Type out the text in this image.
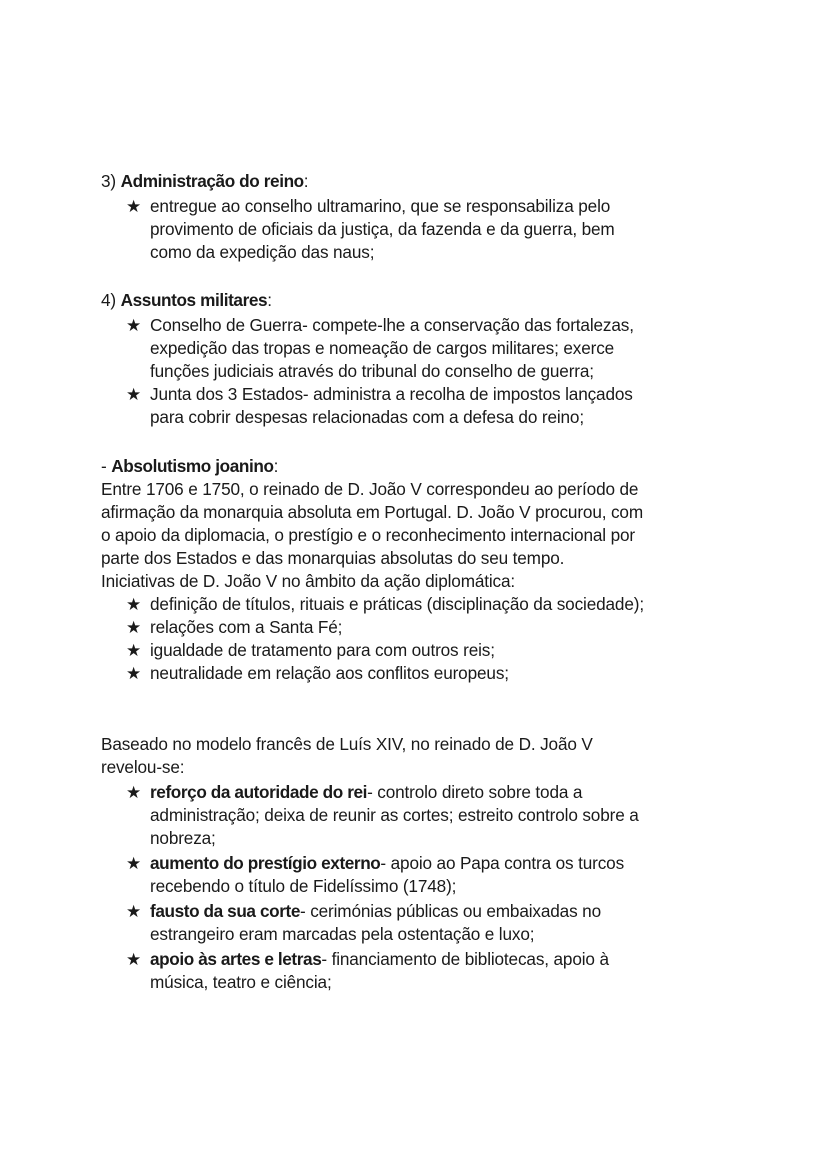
3) Administração do reino:

★ entregue ao conselho ultramarino, que se responsabiliza pelo
provimento de oficiais da justiça, da fazenda e da guerra, bem
como da expedição das naus;

4) Assuntos militares:

★ Conselho de Guerra- compete-lhe a conservação das fortalezas,
expedição das tropas e nomeação de cargos militares; exerce
funções judiciais através do tribunal do conselho de guerra;
★ Junta dos 3 Estados- administra a recolha de impostos lançados
para cobrir despesas relacionadas com a defesa do reino;

- Absolutismo joanino:

Entre 1706 e 1750, o reinado de D. João V correspondeu ao período de
afirmação da monarquia absoluta em Portugal. D. João V procurou, com
o apoio da diplomacia, o prestígio e o reconhecimento internacional por
parte dos Estados e das monarquias absolutas do seu tempo.
Iniciativas de D. João V no âmbito da ação diplomática:

★ definição de títulos, rituais e práticas (disciplinação da sociedade);
★ relações com a Santa Fé;
★ igualdade de tratamento para com outros reis;
★ neutralidade em relação aos conflitos europeus;

Baseado no modelo francês de Luís XIV, no reinado de D. João V
revelou-se:

★ reforço da autoridade do rei- controlo direto sobre toda a
administração; deixa de reunir as cortes; estreito controlo sobre a
nobreza;
★ aumento do prestígio externo- apoio ao Papa contra os turcos
recebendo o título de Fidelíssimo (1748);
★ fausto da sua corte- cerimónias públicas ou embaixadas no
estrangeiro eram marcadas pela ostentação e luxo;
★ apoio às artes e letras- financiamento de bibliotecas, apoio à
música, teatro e ciência;
